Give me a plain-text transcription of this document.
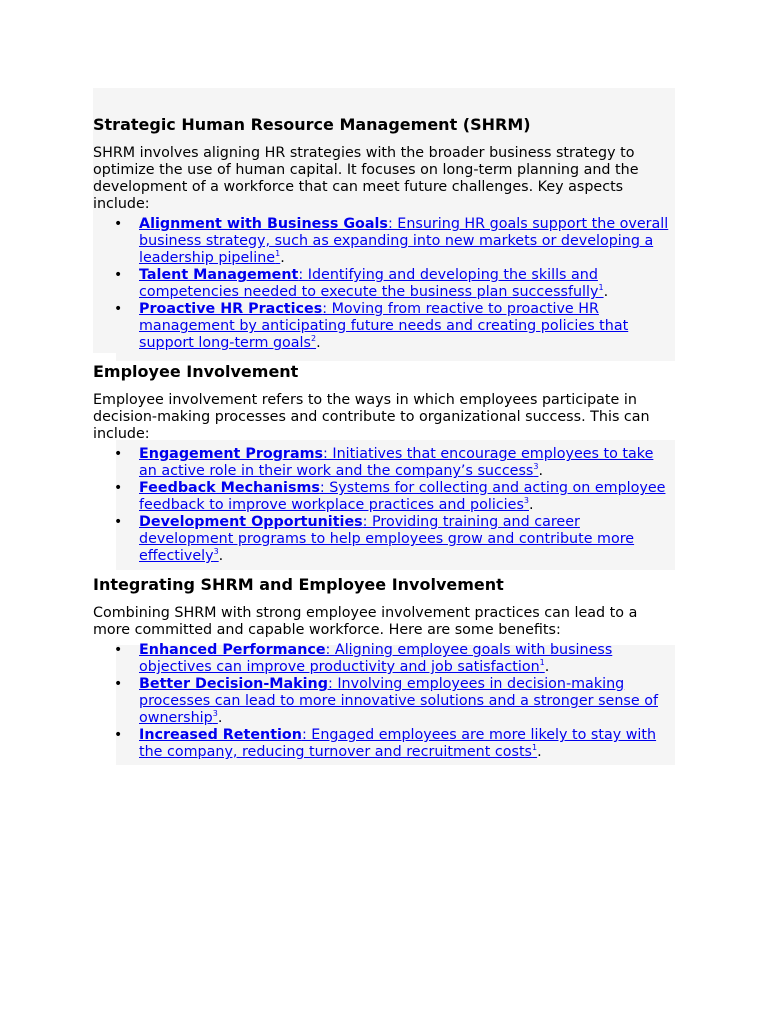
Strategic Human Resource Management (SHRM)

SHRM involves aligning HR strategies with the broader business strategy to optimize the use of human capital. It focuses on long-term planning and the development of a workforce that can meet future challenges. Key aspects include:

• Alignment with Business Goals: Ensuring HR goals support the overall business strategy, such as expanding into new markets or developing a leadership pipeline$^1$.
• Talent Management: Identifying and developing the skills and competencies needed to execute the business plan successfully$^1$.
• Proactive HR Practices: Moving from reactive to proactive HR management by anticipating future needs and creating policies that support long-term goals$^2$.
Employee Involvement

Employee involvement refers to the ways in which employees participate in decision-making processes and contribute to organizational success. This can include:

• Engagement Programs: Initiatives that encourage employees to take an active role in their work and the company’s success$^3$.
• Feedback Mechanisms: Systems for collecting and acting on employee feedback to improve workplace practices and policies$^3$.
• Development Opportunities: Providing training and career development programs to help employees grow and contribute more effectively$^3$.
Integrating SHRM and Employee Involvement

Combining SHRM with strong employee involvement practices can lead to a more committed and capable workforce. Here are some benefits:

• Enhanced Performance: Aligning employee goals with business objectives can improve productivity and job satisfaction$^1$.
• Better Decision-Making: Involving employees in decision-making processes can lead to more innovative solutions and a stronger sense of ownership$^3$.
• Increased Retention: Engaged employees are more likely to stay with the company, reducing turnover and recruitment costs$^1$.
